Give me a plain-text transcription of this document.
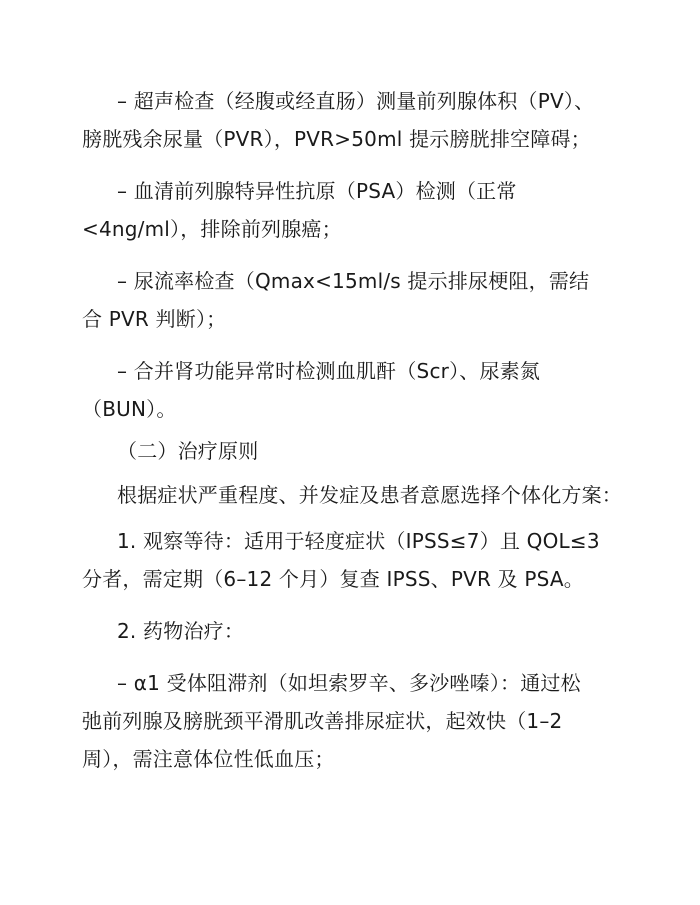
– 超声检查（经腹或经直肠）测量前列腺体积（PV）、
膀胱残余尿量（PVR），PVR>50ml 提示膀胱排空障碍；

– 血清前列腺特异性抗原（PSA）检测（正常
<4ng/ml），排除前列腺癌；

– 尿流率检查（Qmax<15ml/s 提示排尿梗阻，需结
合 PVR 判断）；

– 合并肾功能异常时检测血肌酐（Scr）、尿素氮
（BUN）。

（二）治疗原则

根据症状严重程度、并发症及患者意愿选择个体化方案：

1. 观察等待：适用于轻度症状（IPSS≤7）且 QOL≤3
分者，需定期（6–12 个月）复查 IPSS、PVR 及 PSA。

2. 药物治疗：

– α1 受体阻滞剂（如坦索罗辛、多沙唑嗪）：通过松
弛前列腺及膀胱颈平滑肌改善排尿症状，起效快（1–2
周），需注意体位性低血压；
